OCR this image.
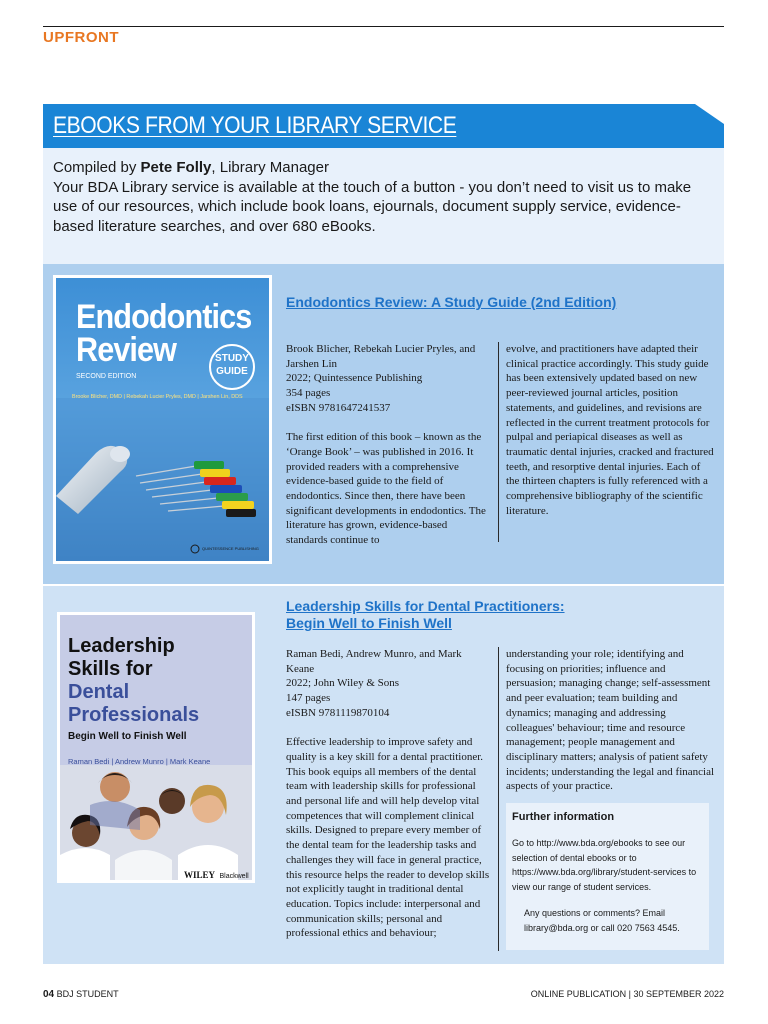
UPFRONT
EBOOKS FROM YOUR LIBRARY SERVICE
Compiled by Pete Folly, Library Manager
Your BDA Library service is available at the touch of a button - you don’t need to visit us to make use of our resources, which include book loans, ejournals, document supply service, evidence-based literature searches, and over 680 eBooks.
Endodontics
Review
SECOND EDITION
STUDY
GUIDE
Brooke Blicher, DMD | Rebekah Lucier Pryles, DMD | Jarshen Lin, DDS
QUINTESSENCE PUBLISHING
Endodontics Review: A Study Guide (2nd Edition)

Brook Blicher, Rebekah Lucier Pryles, and Jarshen Lin

2022; Quintessence Publishing

354 pages

eISBN 9781647241537

The first edition of this book – known as the ‘Orange Book’ – was published in 2016. It provided readers with a comprehensive evidence-based guide to the field of endodontics. Since then, there have been significant developments in endodontics. The literature has grown, evidence-based standards continue to

evolve, and practitioners have adapted their clinical practice accordingly. This study guide has been extensively updated based on new peer-reviewed journal articles, position statements, and guidelines, and revisions are reflected in the current treatment protocols for pulpal and periapical diseases as well as traumatic dental injuries, cracked and fractured teeth, and resorptive dental injuries. Each of the thirteen chapters is fully referenced with a comprehensive bibliography of the scientific literature.

Leadership
Skills for
Dental
Professionals
Begin Well to Finish Well
Raman Bedi | Andrew Munro | Mark Keane
WILEY Blackwell
Leadership Skills for Dental Practitioners:
Begin Well to Finish Well

Raman Bedi, Andrew Munro, and Mark Keane

2022; John Wiley & Sons

147 pages

eISBN 9781119870104

Effective leadership to improve safety and quality is a key skill for a dental practitioner. This book equips all members of the dental team with leadership skills for professional and personal life and will help develop vital competences that will complement clinical skills. Designed to prepare every member of the dental team for the leadership tasks and challenges they will face in general practice, this resource helps the reader to develop skills not explicitly taught in traditional dental education. Topics include: interpersonal and communication skills; personal and professional ethics and behaviour;

understanding your role; identifying and focusing on priorities; influence and persuasion; managing change; self-assessment and peer evaluation; team building and dynamics; managing and addressing colleagues' behaviour; time and resource management; people management and disciplinary matters; analysis of patient safety incidents; understanding the legal and financial aspects of your practice.

Further information

Go to http://www.bda.org/ebooks to see our selection of dental ebooks or to https://www.bda.org/library/student-services to view our range of student services.

Any questions or comments? Email library@bda.org or call 020 7563 4545.

04 BDJ STUDENT	ONLINE PUBLICATION | 30 SEPTEMBER 2022
